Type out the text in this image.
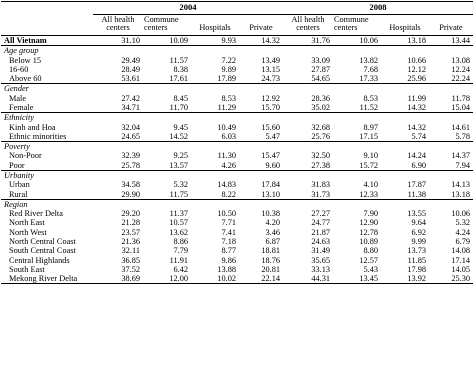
	2004				2008			
	All health centers	Commune centers	Hospitals	Private	All health centers	Commune centers	Hospitals	Private
All Vietnam	31.10	10.09	9.93	14.32	31.76	10.06	13.18	13.44
Age group								
Below 15	29.49	11.57	7.22	13.49	33.09	13.82	10.66	13.08
16-60	28.49	8.38	9.89	13.15	27.87	7.68	12.12	12.24
Above 60	53.61	17.61	17.89	24.73	54.65	17.33	25.96	22.24
Gender								
Male	27.42	8.45	8.53	12.92	28.36	8.53	11.99	11.78
Female	34.71	11.70	11.29	15.70	35.02	11.52	14.32	15.04
Ethnicity								
Kinh and Hoa	32.04	9.45	10.49	15.60	32.68	8.97	14.32	14.61
Ethnic minorities	24.65	14.52	6.03	5.47	25.76	17.15	5.74	5.78
Poverty								
Non-Poor	32.39	9.25	11.30	15.47	32.50	9.10	14.24	14.37
Poor	25.78	13.57	4.26	9.60	27.38	15.72	6.90	7.94
Urbanity								
Urban	34.58	5.32	14.83	17.84	31.83	4.10	17.87	14.13
Rural	29.90	11.75	8.22	13.10	31.73	12.33	11.38	13.18
Region								
Red River Delta	29.20	11.37	10.50	10.38	27.27	7.90	13.55	10.06
North East	21.28	10.57	7.71	4.20	24.77	12.90	9.64	5.32
North West	23.57	13.62	7.41	3.46	21.87	12.78	6.92	4.24
North Central Coast	21.36	8.86	7.18	6.87	24.63	10.89	9.99	6.79
South Central Coast	32.11	7.79	8.77	18.81	31.49	8.80	13.73	14.08
Central Highlands	36.85	11.91	9.86	18.76	35.65	12.57	11.85	17.14
South East	37.52	6.42	13.88	20.81	33.13	5.43	17.98	14.05
Mekong River Delta	38.69	12.00	10.02	22.14	44.31	13.45	13.92	25.30
